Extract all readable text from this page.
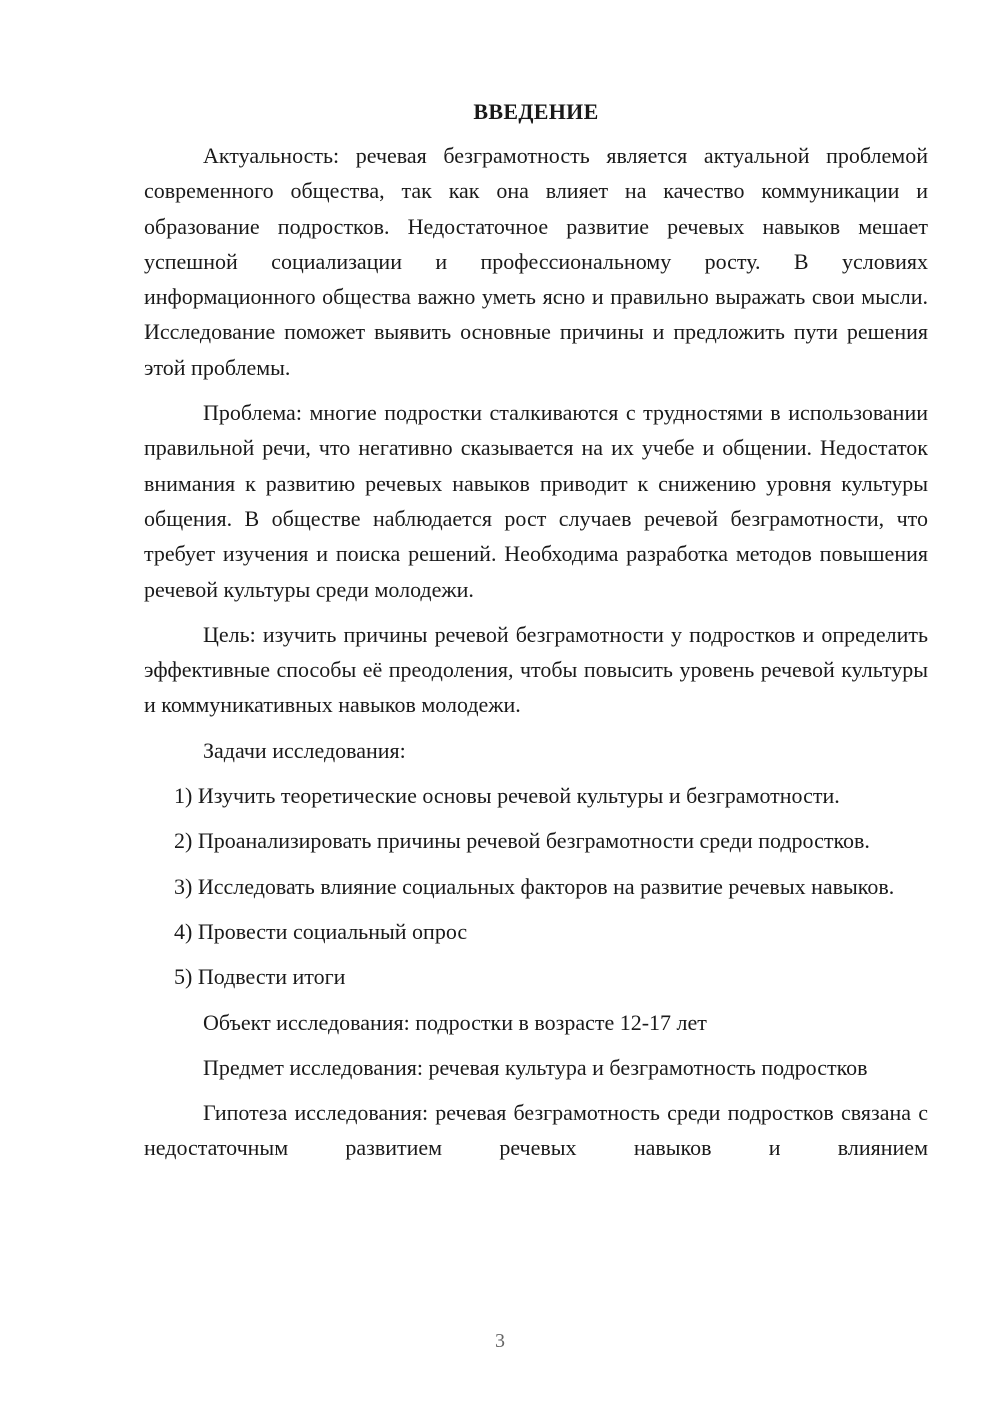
ВВЕДЕНИЕ

Актуальность: речевая безграмотность является актуальной проблемой современного общества, так как она влияет на качество коммуникации и образование подростков. Недостаточное развитие речевых навыков мешает успешной социализации и профессиональному росту. В условиях информационного общества важно уметь ясно и правильно выражать свои мысли. Исследование поможет выявить основные причины и предложить пути решения этой проблемы.

Проблема: многие подростки сталкиваются с трудностями в использовании правильной речи, что негативно сказывается на их учебе и общении. Недостаток внимания к развитию речевых навыков приводит к снижению уровня культуры общения. В обществе наблюдается рост случаев речевой безграмотности, что требует изучения и поиска решений. Необходима разработка методов повышения речевой культуры среди молодежи.

Цель: изучить причины речевой безграмотности у подростков и определить эффективные способы её преодоления, чтобы повысить уровень речевой культуры и коммуникативных навыков молодежи.

Задачи исследования:

1) Изучить теоретические основы речевой культуры и безграмотности.

2) Проанализировать причины речевой безграмотности среди подростков.

3) Исследовать влияние социальных факторов на развитие речевых навыков.

4) Провести социальный опрос

5) Подвести итоги

Объект исследования: подростки в возрасте 12-17 лет

Предмет исследования: речевая культура и безграмотность подростков

Гипотеза исследования: речевая безграмотность среди подростков связана с недостаточным развитием речевых навыков и влиянием

3
